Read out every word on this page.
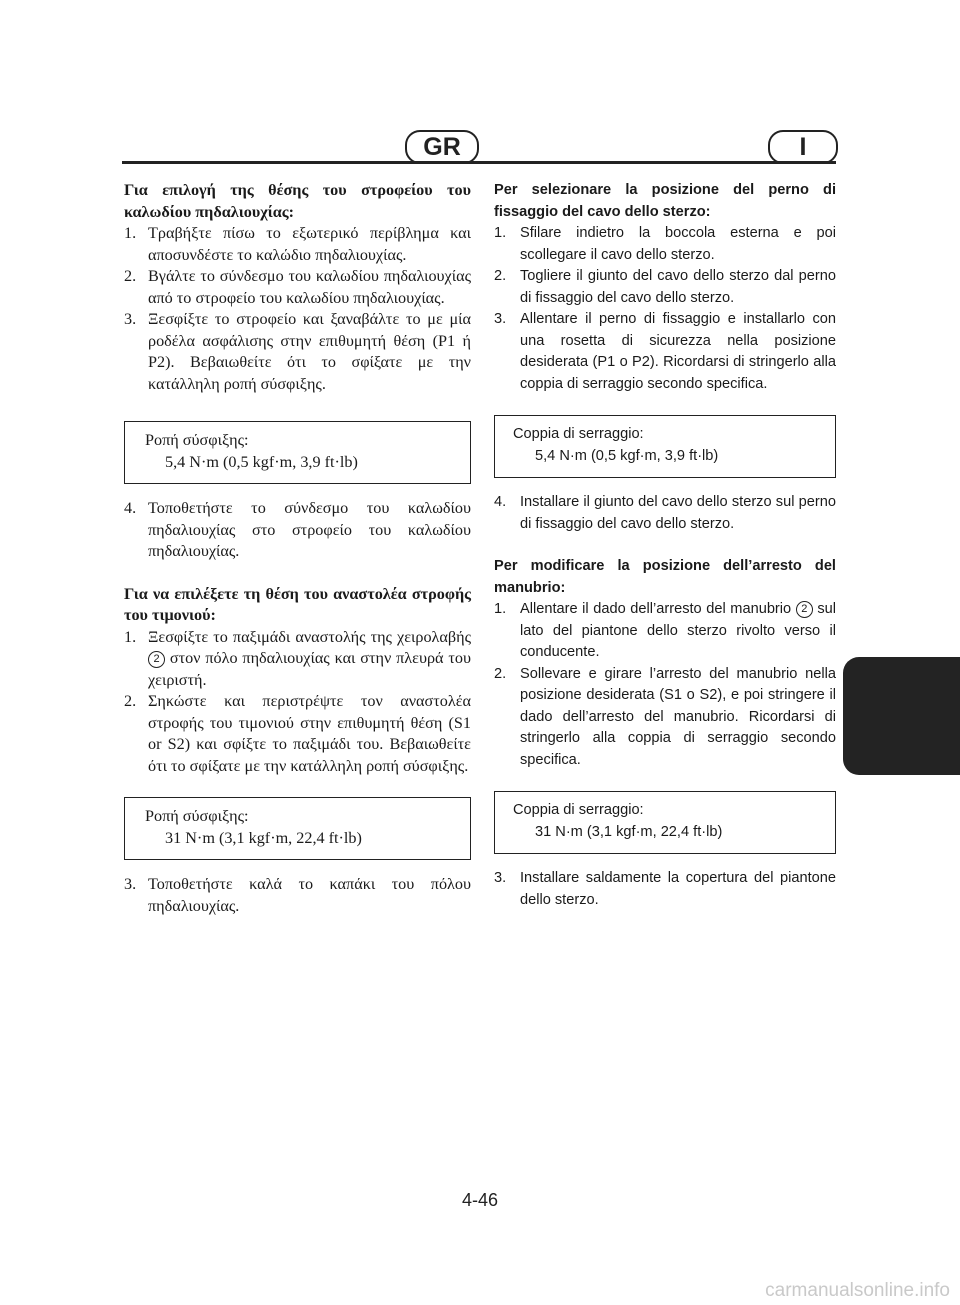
GR	I

Για επιλογή της θέσης του στροφείου του καλωδίου πηδαλιουχίας:

1. Τραβήξτε πίσω το εξωτερικό περίβλημα και αποσυνδέστε το καλώδιο πηδαλιουχίας.
2. Βγάλτε το σύνδεσμο του καλωδίου πηδαλιουχίας από το στροφείο του καλωδίου πηδαλιουχίας.
3. Ξεσφίξτε το στροφείο και ξαναβάλτε το με μία ροδέλα ασφάλισης στην επιθυμητή θέση (P1 ή P2). Βεβαιωθείτε ότι το σφίξατε με την κατάλληλη ροπή σύσφιξης.
Ροπή σύσφιξης:
5,4 N·m (0,5 kgf·m, 3,9 ft·lb)
4. Τοποθετήστε το σύνδεσμο του καλωδίου πηδαλιουχίας στο στροφείο του καλωδίου πηδαλιουχίας.

Για να επιλέξετε τη θέση του αναστολέα στροφής του τιμονιού:

1. Ξεσφίξτε το παξιμάδι αναστολής της χειρολαβής 2 στον πόλο πηδαλιουχίας και στην πλευρά του χειριστή.
2. Σηκώστε και περιστρέψτε τον αναστολέα στροφής του τιμονιού στην επιθυμητή θέση (S1 or S2) και σφίξτε το παξιμάδι του. Βεβαιωθείτε ότι το σφίξατε με την κατάλληλη ροπή σύσφιξης.
Ροπή σύσφιξης:
31 N·m (3,1 kgf·m, 22,4 ft·lb)
3. Τοποθετήστε καλά το καπάκι του πόλου πηδαλιουχίας.

Per selezionare la posizione del perno di fissaggio del cavo dello sterzo:

1. Sfilare indietro la boccola esterna e poi scollegare il cavo dello sterzo.
2. Togliere il giunto del cavo dello sterzo dal perno di fissaggio del cavo dello sterzo.
3. Allentare il perno di fissaggio e installarlo con una rosetta di sicurezza nella posizione desiderata (P1 o P2). Ricordarsi di stringerlo alla coppia di serraggio secondo specifica.
Coppia di serraggio:
5,4 N·m (0,5 kgf·m, 3,9 ft·lb)
4. Installare il giunto del cavo dello sterzo sul perno di fissaggio del cavo dello sterzo.

Per modificare la posizione dell’arresto del manubrio:

1. Allentare il dado dell’arresto del manubrio 2 sul lato del piantone dello sterzo rivolto verso il conducente.
2. Sollevare e girare l’arresto del manubrio nella posizione desiderata (S1 o S2), e poi stringere il dado dell’arresto del manubrio. Ricordarsi di stringerlo alla coppia di serraggio secondo specifica.
Coppia di serraggio:
31 N·m (3,1 kgf·m, 22,4 ft·lb)
3. Installare saldamente la copertura del piantone dello sterzo.
4-46
carmanualsonline.info
